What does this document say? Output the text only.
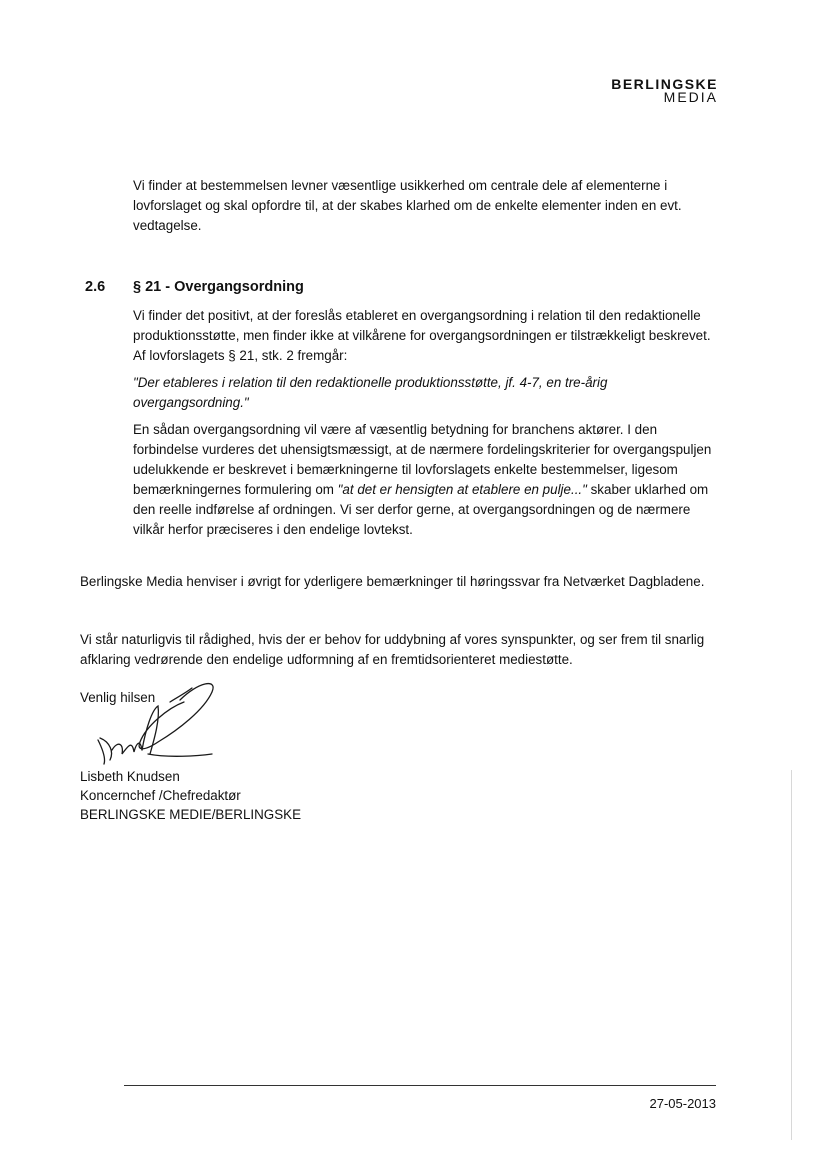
BERLINGSKE
MEDIA

Vi finder at bestemmelsen levner væsentlige usikkerhed om centrale dele af elementerne i lovforslaget og skal opfordre til, at der skabes klarhed om de enkelte elementer inden en evt. vedtagelse.

2.6 § 21 - Overgangsordning

Vi finder det positivt, at der foreslås etableret en overgangsordning i relation til den redaktionelle produktionsstøtte, men finder ikke at vilkårene for overgangsordningen er tilstrækkeligt beskrevet. Af lovforslagets § 21, stk. 2 fremgår:

"Der etableres i relation til den redaktionelle produktionsstøtte, jf. 4-7, en tre-årig overgangsordning."

En sådan overgangsordning vil være af væsentlig betydning for branchens aktører. I den forbindelse vurderes det uhensigtsmæssigt, at de nærmere fordelingskriterier for overgangspuljen udelukkende er beskrevet i bemærkningerne til lovforslagets enkelte bestemmelser, ligesom bemærkningernes formulering om "at det er hensigten at etablere en pulje..." skaber uklarhed om den reelle indførelse af ordningen. Vi ser derfor gerne, at overgangsordningen og de nærmere vilkår herfor præciseres i den endelige lovtekst.

Berlingske Media henviser i øvrigt for yderligere bemærkninger til høringssvar fra Netværket Dagbladene.

Vi står naturligvis til rådighed, hvis der er behov for uddybning af vores synspunkter, og ser frem til snarlig afklaring vedrørende den endelige udformning af en fremtidsorienteret mediestøtte.

Venlig hilsen
Lisbeth Knudsen
Koncernchef /Chefredaktør
BERLINGSKE MEDIE/BERLINGSKE
27-05-2013
